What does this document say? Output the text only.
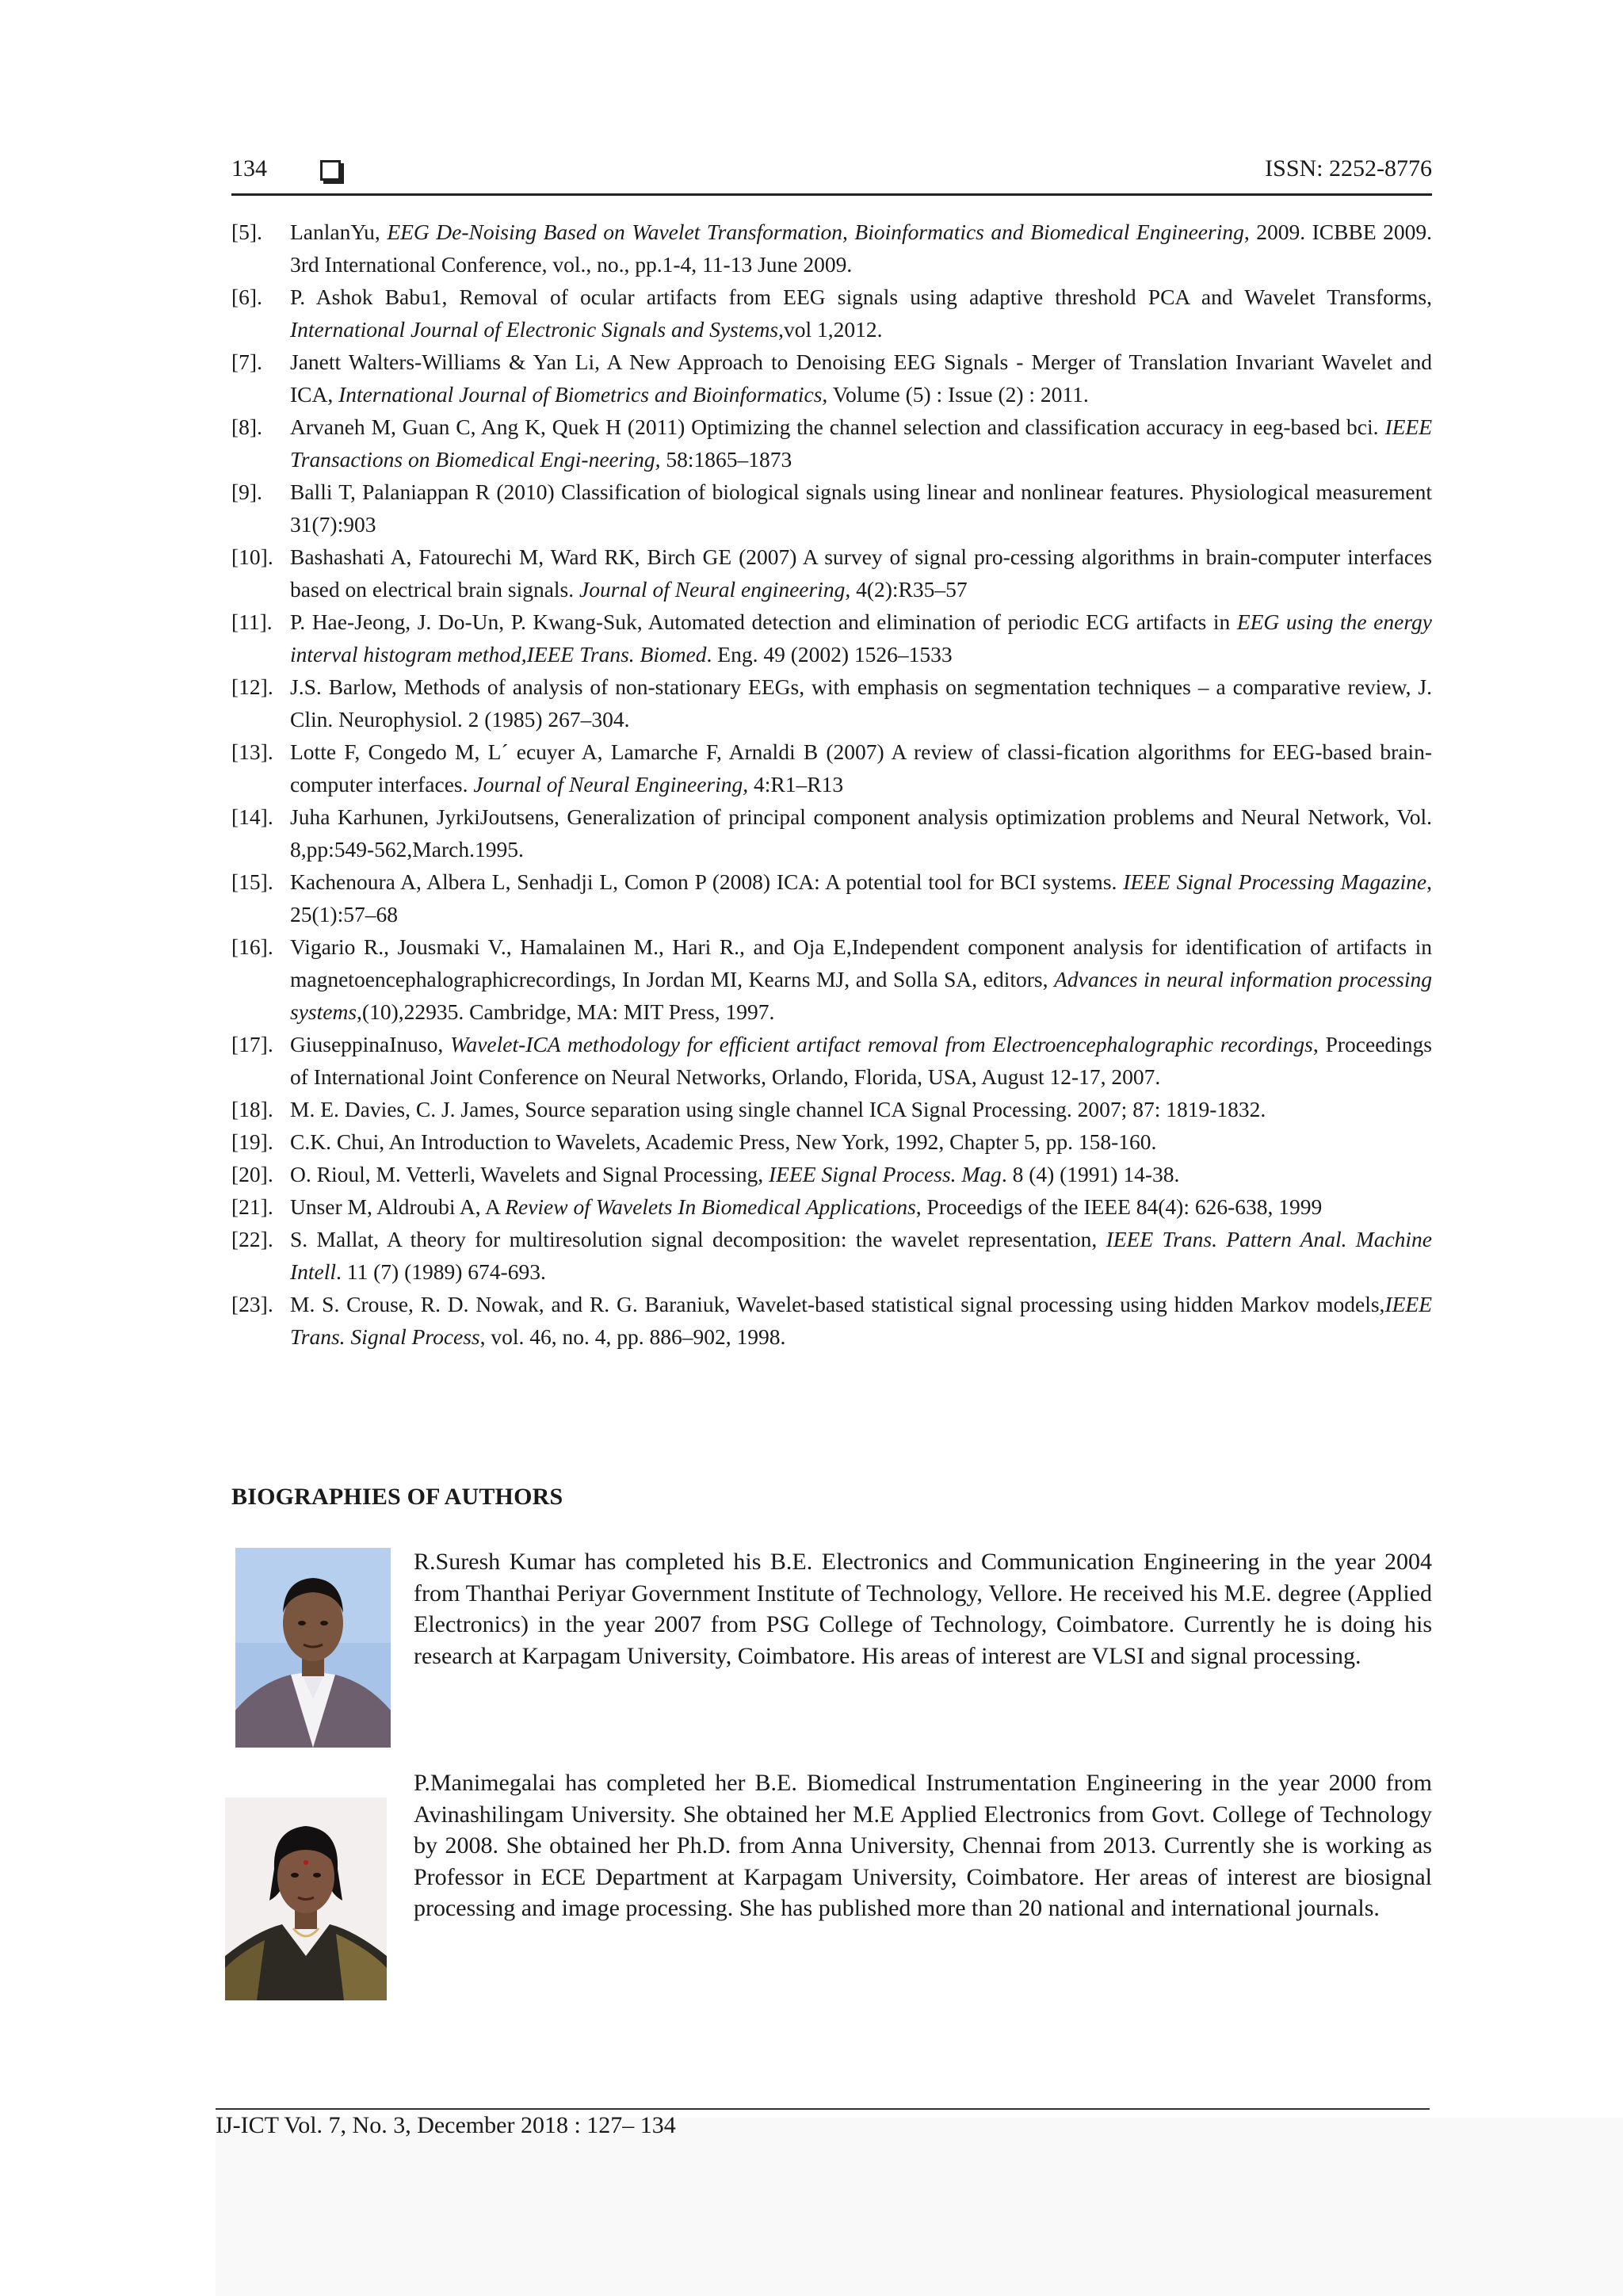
134	ISSN: 2252-8776
[5].	LanlanYu, EEG De-Noising Based on Wavelet Transformation, Bioinformatics and Biomedical Engineering, 2009. ICBBE 2009. 3rd International Conference, vol., no., pp.1-4, 11-13 June 2009.
[6].	P. Ashok Babu1, Removal of ocular artifacts from EEG signals using adaptive threshold PCA and Wavelet Transforms, International Journal of Electronic Signals and Systems,vol 1,2012.
[7].	Janett Walters-Williams & Yan Li, A New Approach to Denoising EEG Signals - Merger of Translation Invariant Wavelet and ICA, International Journal of Biometrics and Bioinformatics, Volume (5) : Issue (2) : 2011.
[8].	Arvaneh M, Guan C, Ang K, Quek H (2011) Optimizing the channel selection and classification accuracy in eeg-based bci. IEEE Transactions on Biomedical Engi-neering, 58:1865–1873
[9].	Balli T, Palaniappan R (2010) Classification of biological signals using linear and nonlinear features. Physiological measurement 31(7):903
[10]. Bashashati A, Fatourechi M, Ward RK, Birch GE (2007) A survey of signal pro-cessing algorithms in brain-computer interfaces based on electrical brain signals. Journal of Neural engineering, 4(2):R35–57
[11]. P. Hae-Jeong, J. Do-Un, P. Kwang-Suk, Automated detection and elimination of periodic ECG artifacts in EEG using the energy interval histogram method,IEEE Trans. Biomed. Eng. 49 (2002) 1526–1533
[12]. J.S. Barlow, Methods of analysis of non-stationary EEGs, with emphasis on segmentation techniques – a comparative review, J. Clin. Neurophysiol. 2 (1985) 267–304.
[13]. Lotte F, Congedo M, L´ ecuyer A, Lamarche F, Arnaldi B (2007) A review of classi-fication algorithms for EEG-based brain-computer interfaces. Journal of Neural Engineering, 4:R1–R13
[14]. Juha Karhunen, JyrkiJoutsens, Generalization of principal component analysis optimization problems and Neural Network, Vol. 8,pp:549-562,March.1995.
[15]. Kachenoura A, Albera L, Senhadji L, Comon P (2008) ICA: A potential tool for BCI systems. IEEE Signal Processing Magazine, 25(1):57–68
[16]. Vigario R., Jousmaki V., Hamalainen M., Hari R., and Oja E,Independent component analysis for identification of artifacts in magnetoencephalographicrecordings, In Jordan MI, Kearns MJ, and Solla SA, editors, Advances in neural information processing systems,(10),22935. Cambridge, MA: MIT Press, 1997.
[17]. GiuseppinaInuso, Wavelet-ICA methodology for efficient artifact removal from Electroencephalographic recordings, Proceedings of International Joint Conference on Neural Networks, Orlando, Florida, USA, August 12-17, 2007.
[18]. M. E. Davies, C. J. James, Source separation using single channel ICA Signal Processing. 2007; 87: 1819-1832.
[19]. C.K. Chui, An Introduction to Wavelets, Academic Press, New York, 1992, Chapter 5, pp. 158-160.
[20]. O. Rioul, M. Vetterli, Wavelets and Signal Processing, IEEE Signal Process. Mag. 8 (4) (1991) 14-38.
[21]. Unser M, Aldroubi A, A Review of Wavelets In Biomedical Applications, Proceedigs of the IEEE 84(4): 626-638, 1999
[22]. S. Mallat, A theory for multiresolution signal decomposition: the wavelet representation, IEEE Trans. Pattern Anal. Machine Intell. 11 (7) (1989) 674-693.
[23]. M. S. Crouse, R. D. Nowak, and R. G. Baraniuk, Wavelet-based statistical signal processing using hidden Markov models,IEEE Trans. Signal Process, vol. 46, no. 4, pp. 886–902, 1998.
BIOGRAPHIES OF AUTHORS

R.Suresh Kumar has completed his B.E. Electronics and Communication Engineering in the year 2004 from Thanthai Periyar Government Institute of Technology, Vellore. He received his M.E. degree (Applied Electronics) in the year 2007 from PSG College of Technology, Coimbatore. Currently he is doing his research at Karpagam University, Coimbatore. His areas of interest are VLSI and signal processing.

P.Manimegalai has completed her B.E. Biomedical Instrumentation Engineering in the year 2000 from Avinashilingam University. She obtained her M.E Applied Electronics from Govt. College of Technology by 2008. She obtained her Ph.D. from Anna University, Chennai from 2013. Currently she is working as Professor in ECE Department at Karpagam University, Coimbatore. Her areas of interest are biosignal processing and image processing. She has published more than 20 national and international journals.

IJ-ICT Vol. 7, No. 3, December 2018 : 127– 134
